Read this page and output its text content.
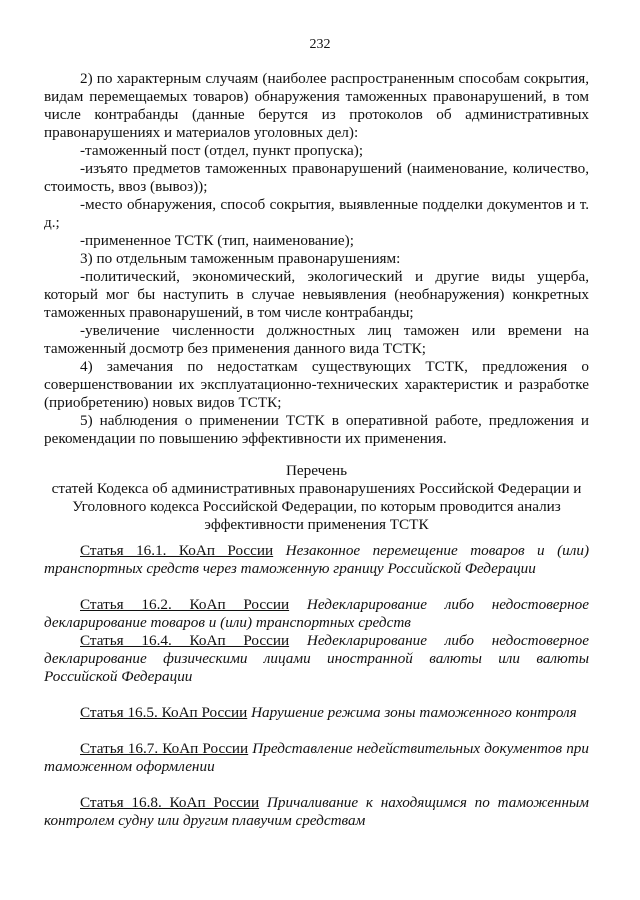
232

2) по характерным случаям (наиболее распространенным способам сокрытия, видам перемещаемых товаров) обнаружения таможенных правонарушений, в том числе контрабанды (данные берутся из протоколов об административных правонарушениях и материалов уголовных дел):

-таможенный пост (отдел, пункт пропуска);

-изъято предметов таможенных правонарушений (наименование, количество, стоимость, ввоз (вывоз));

-место обнаружения, способ сокрытия, выявленные подделки документов и т. д.;

-примененное ТСТК (тип, наименование);

3) по отдельным таможенным правонарушениям:

-политический, экономический, экологический и другие виды ущерба, который мог бы наступить в случае невыявления (необнаружения) конкретных таможенных правонарушений, в том числе контрабанды;

-увеличение численности должностных лиц таможен или времени на таможенный досмотр без применения данного вида ТСТК;

4) замечания по недостаткам существующих ТСТК, предложения о совершенствовании их эксплуатационно-технических характеристик и разработке (приобретению) новых видов ТСТК;

5) наблюдения о применении ТСТК в оперативной работе, предложения и рекомендации по повышению эффективности их применения.

Перечень
статей Кодекса об административных правонарушениях Российской Федерации и Уголовного кодекса Российской Федерации, по которым проводится анализ эффективности применения ТСТК

Статья 16.1. КоАп России Незаконное перемещение товаров и (или) транспортных средств через таможенную границу Российской Федерации

Статья 16.2. КоАп России Недекларирование либо недостоверное декларирование товаров и (или) транспортных средств

Статья 16.4. КоАп России Недекларирование либо недостоверное декларирование физическими лицами иностранной валюты или валюты Российской Федерации

Статья 16.5. КоАп России Нарушение режима зоны таможенного контроля

Статья 16.7. КоАп России Представление недействительных документов при таможенном оформлении

Статья 16.8. КоАп России Причаливание к находящимся по таможенным контролем судну или другим плавучим средствам
